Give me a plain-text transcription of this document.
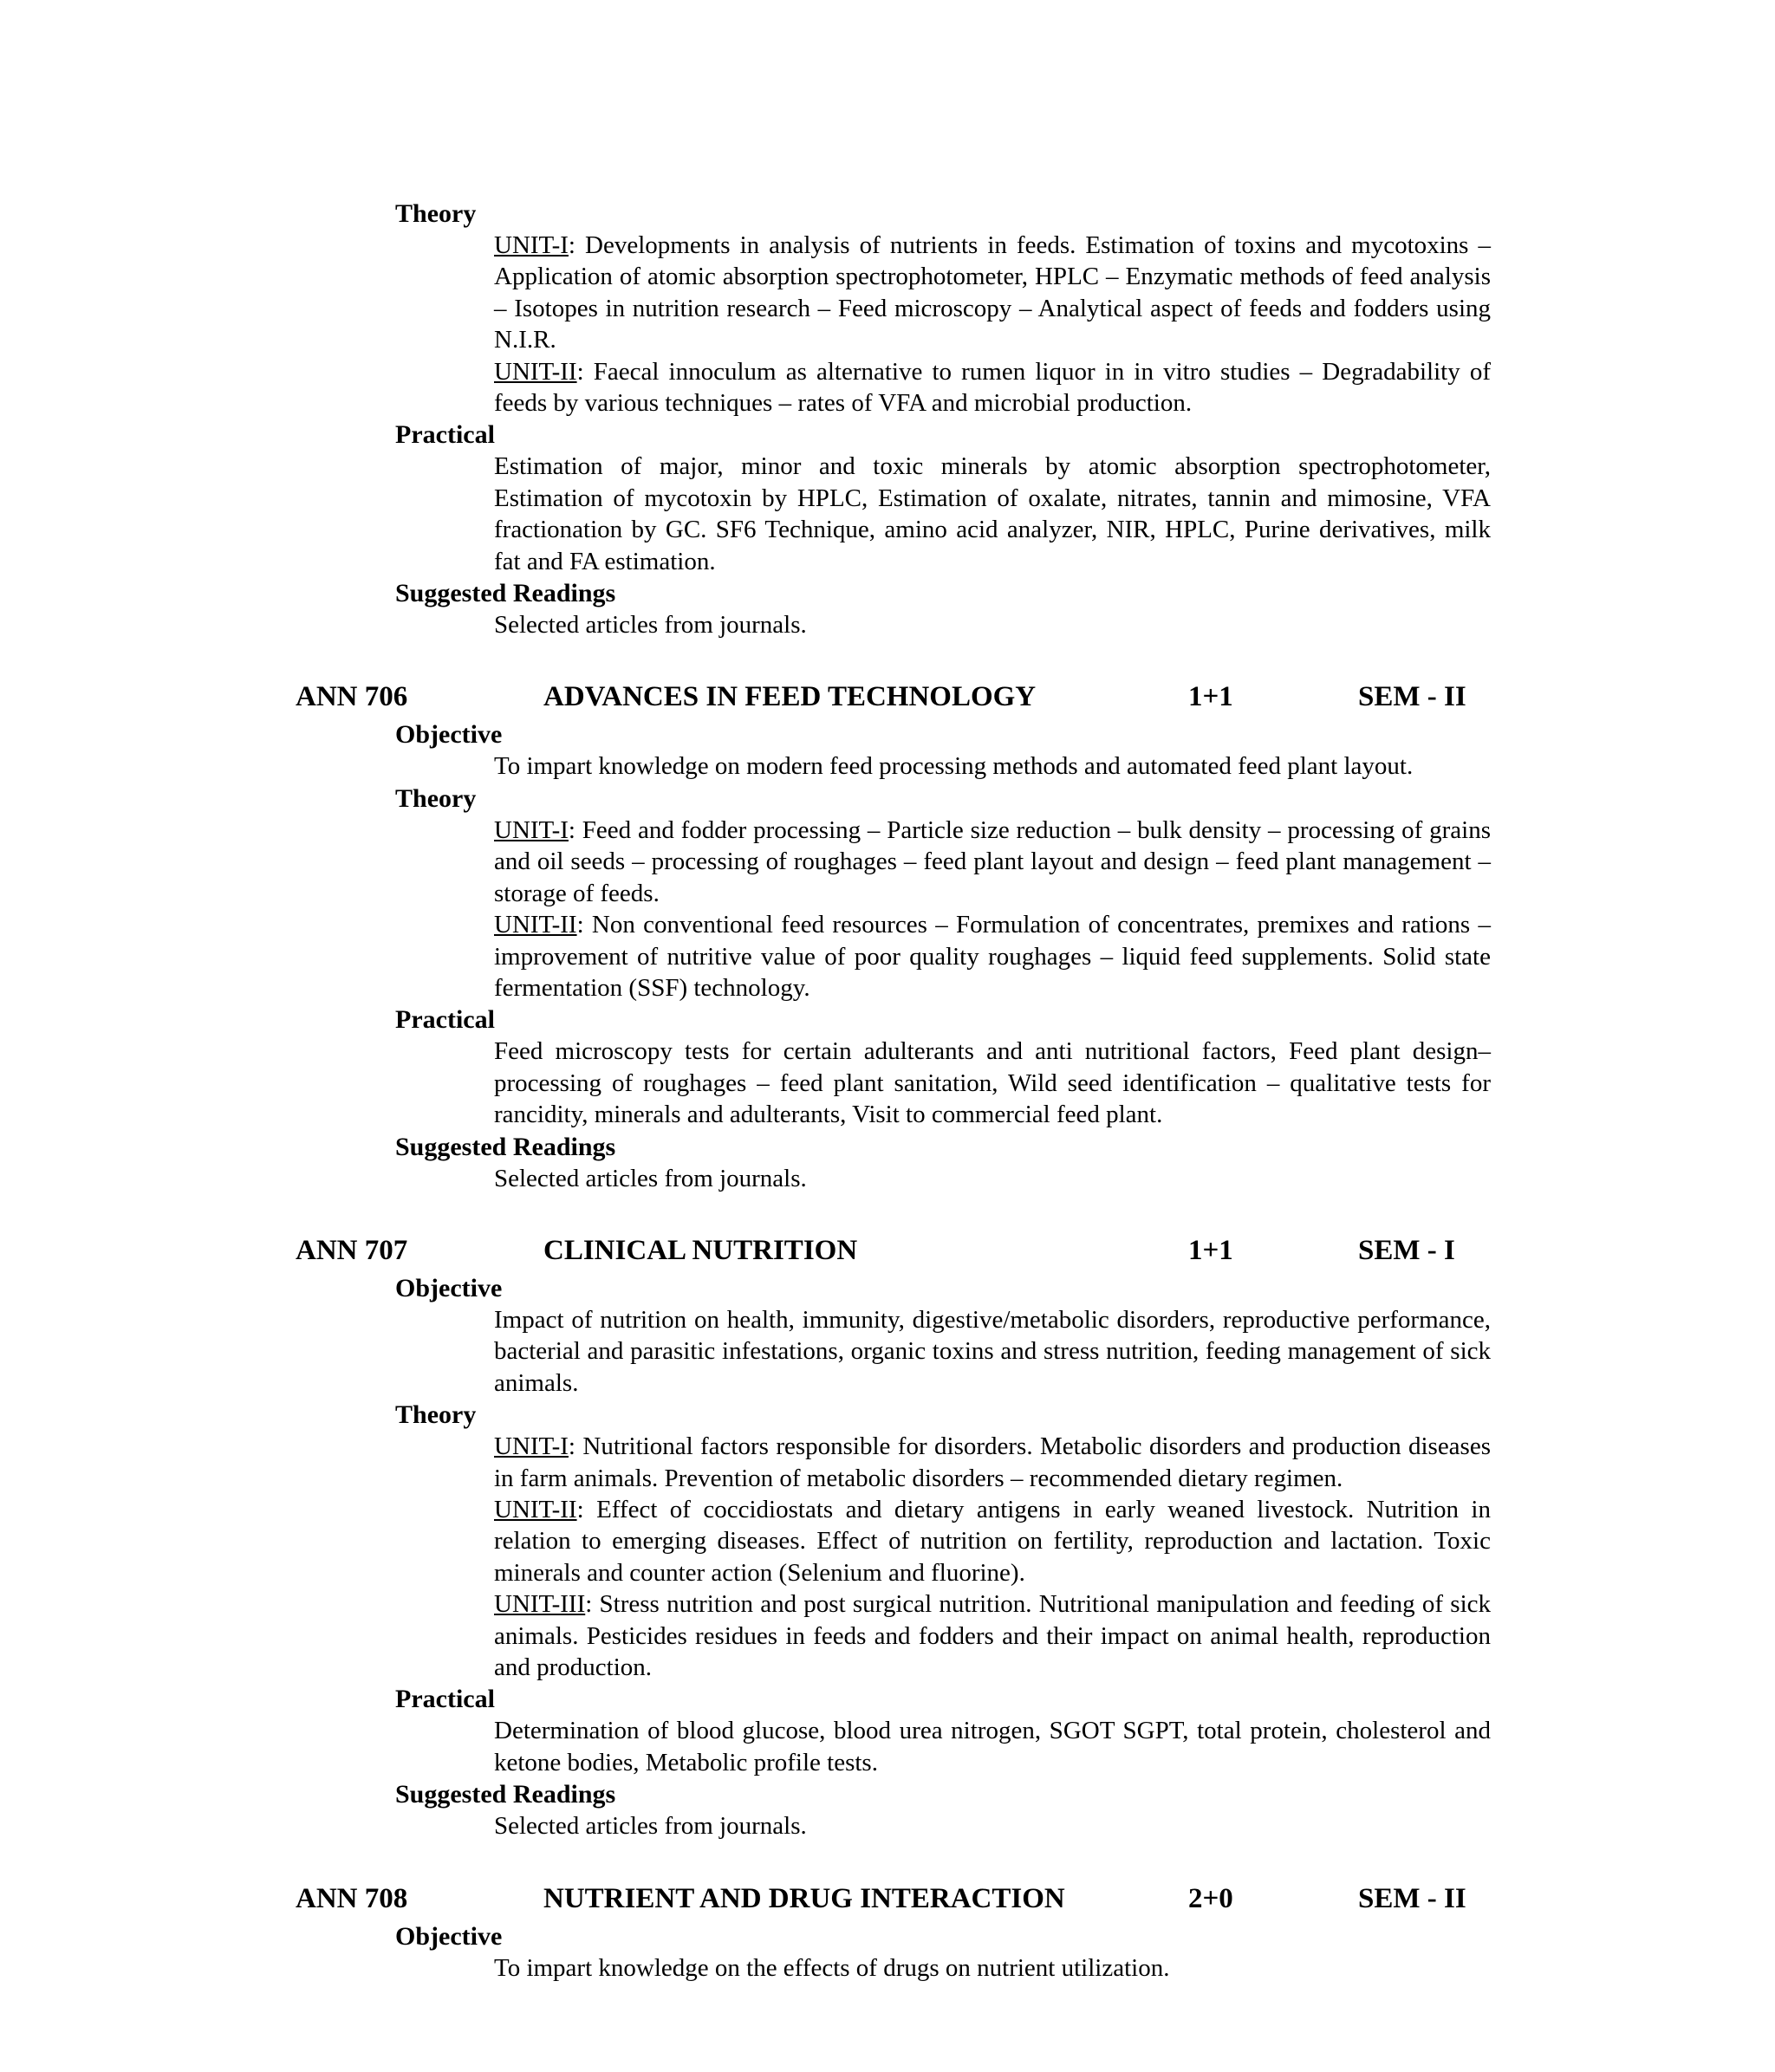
Theory
UNIT-I: Developments in analysis of nutrients in feeds. Estimation of toxins and mycotoxins – Application of atomic absorption spectrophotometer, HPLC – Enzymatic methods of feed analysis – Isotopes in nutrition research – Feed microscopy – Analytical aspect of feeds and fodders using N.I.R.
UNIT-II: Faecal innoculum as alternative to rumen liquor in in vitro studies – Degradability of feeds by various techniques – rates of VFA and microbial production.
Practical
Estimation of major, minor and toxic minerals by atomic absorption spectrophotometer, Estimation of mycotoxin by HPLC, Estimation of oxalate, nitrates, tannin and mimosine, VFA fractionation by GC. SF6 Technique, amino acid analyzer, NIR, HPLC, Purine derivatives, milk fat and FA estimation.
Suggested Readings
Selected articles from journals.
ANN 706	ADVANCES IN FEED TECHNOLOGY	1+1	SEM - II
Objective
To impart knowledge on modern feed processing methods and automated feed plant layout.
Theory
UNIT-I: Feed and fodder processing – Particle size reduction – bulk density – processing of grains and oil seeds – processing of roughages – feed plant layout and design – feed plant management – storage of feeds.
UNIT-II: Non conventional feed resources – Formulation of concentrates, premixes and rations – improvement of nutritive value of poor quality roughages – liquid feed supplements. Solid state fermentation (SSF) technology.
Practical
Feed microscopy tests for certain adulterants and anti nutritional factors, Feed plant design– processing of roughages – feed plant sanitation, Wild seed identification – qualitative tests for rancidity, minerals and adulterants, Visit to commercial feed plant.
Suggested Readings
Selected articles from journals.
ANN 707	CLINICAL NUTRITION	1+1	SEM - I
Objective
Impact of nutrition on health, immunity, digestive/metabolic disorders, reproductive performance, bacterial and parasitic infestations, organic toxins and stress nutrition, feeding management of sick animals.
Theory
UNIT-I: Nutritional factors responsible for disorders. Metabolic disorders and production diseases in farm animals. Prevention of metabolic disorders – recommended dietary regimen.
UNIT-II: Effect of coccidiostats and dietary antigens in early weaned livestock. Nutrition in relation to emerging diseases. Effect of nutrition on fertility, reproduction and lactation. Toxic minerals and counter action (Selenium and fluorine).
UNIT-III: Stress nutrition and post surgical nutrition. Nutritional manipulation and feeding of sick animals. Pesticides residues in feeds and fodders and their impact on animal health, reproduction and production.
Practical
Determination of blood glucose, blood urea nitrogen, SGOT SGPT, total protein, cholesterol and ketone bodies, Metabolic profile tests.
Suggested Readings
Selected articles from journals.
ANN 708	NUTRIENT AND DRUG INTERACTION	2+0	SEM - II
Objective
To impart knowledge on the effects of drugs on nutrient utilization.
